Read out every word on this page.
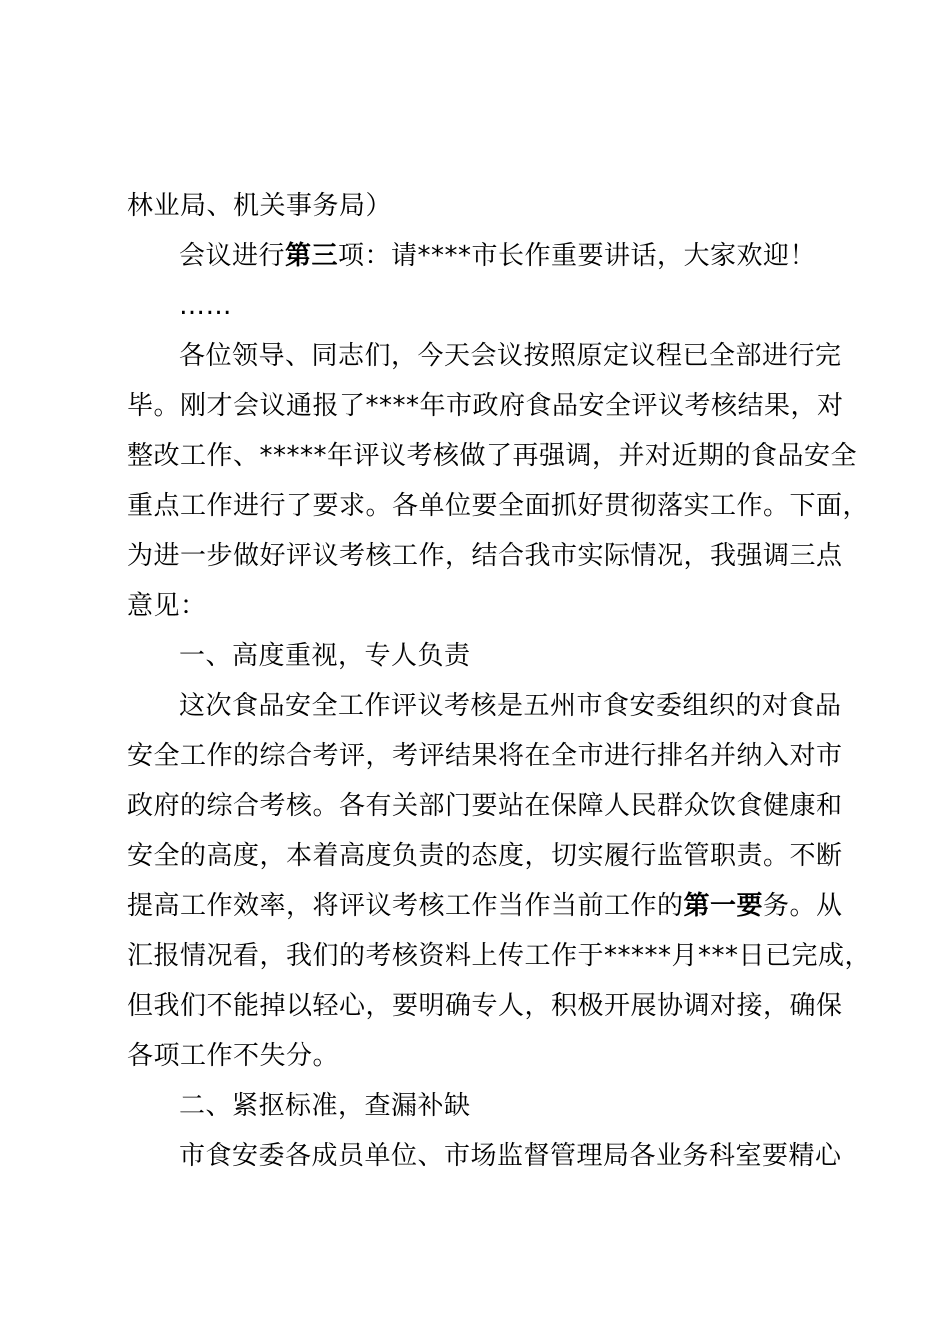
林业局、机关事务局）
会议进行第三项：请****市长作重要讲话，大家欢迎！
……
各位领导、同志们，今天会议按照原定议程已全部进行完
毕。刚才会议通报了****年市政府食品安全评议考核结果，对
整改工作、*****年评议考核做了再强调，并对近期的食品安全
重点工作进行了要求。各单位要全面抓好贯彻落实工作。下面，
为进一步做好评议考核工作，结合我市实际情况，我强调三点
意见：
一、高度重视，专人负责
这次食品安全工作评议考核是五州市食安委组织的对食品
安全工作的综合考评，考评结果将在全市进行排名并纳入对市
政府的综合考核。各有关部门要站在保障人民群众饮食健康和
安全的高度，本着高度负责的态度，切实履行监管职责。不断
提高工作效率，将评议考核工作当作当前工作的第一要务。从
汇报情况看，我们的考核资料上传工作于*****月***日已完成，
但我们不能掉以轻心，要明确专人，积极开展协调对接，确保
各项工作不失分。
二、紧抠标准，查漏补缺
市食安委各成员单位、市场监督管理局各业务科室要精心
